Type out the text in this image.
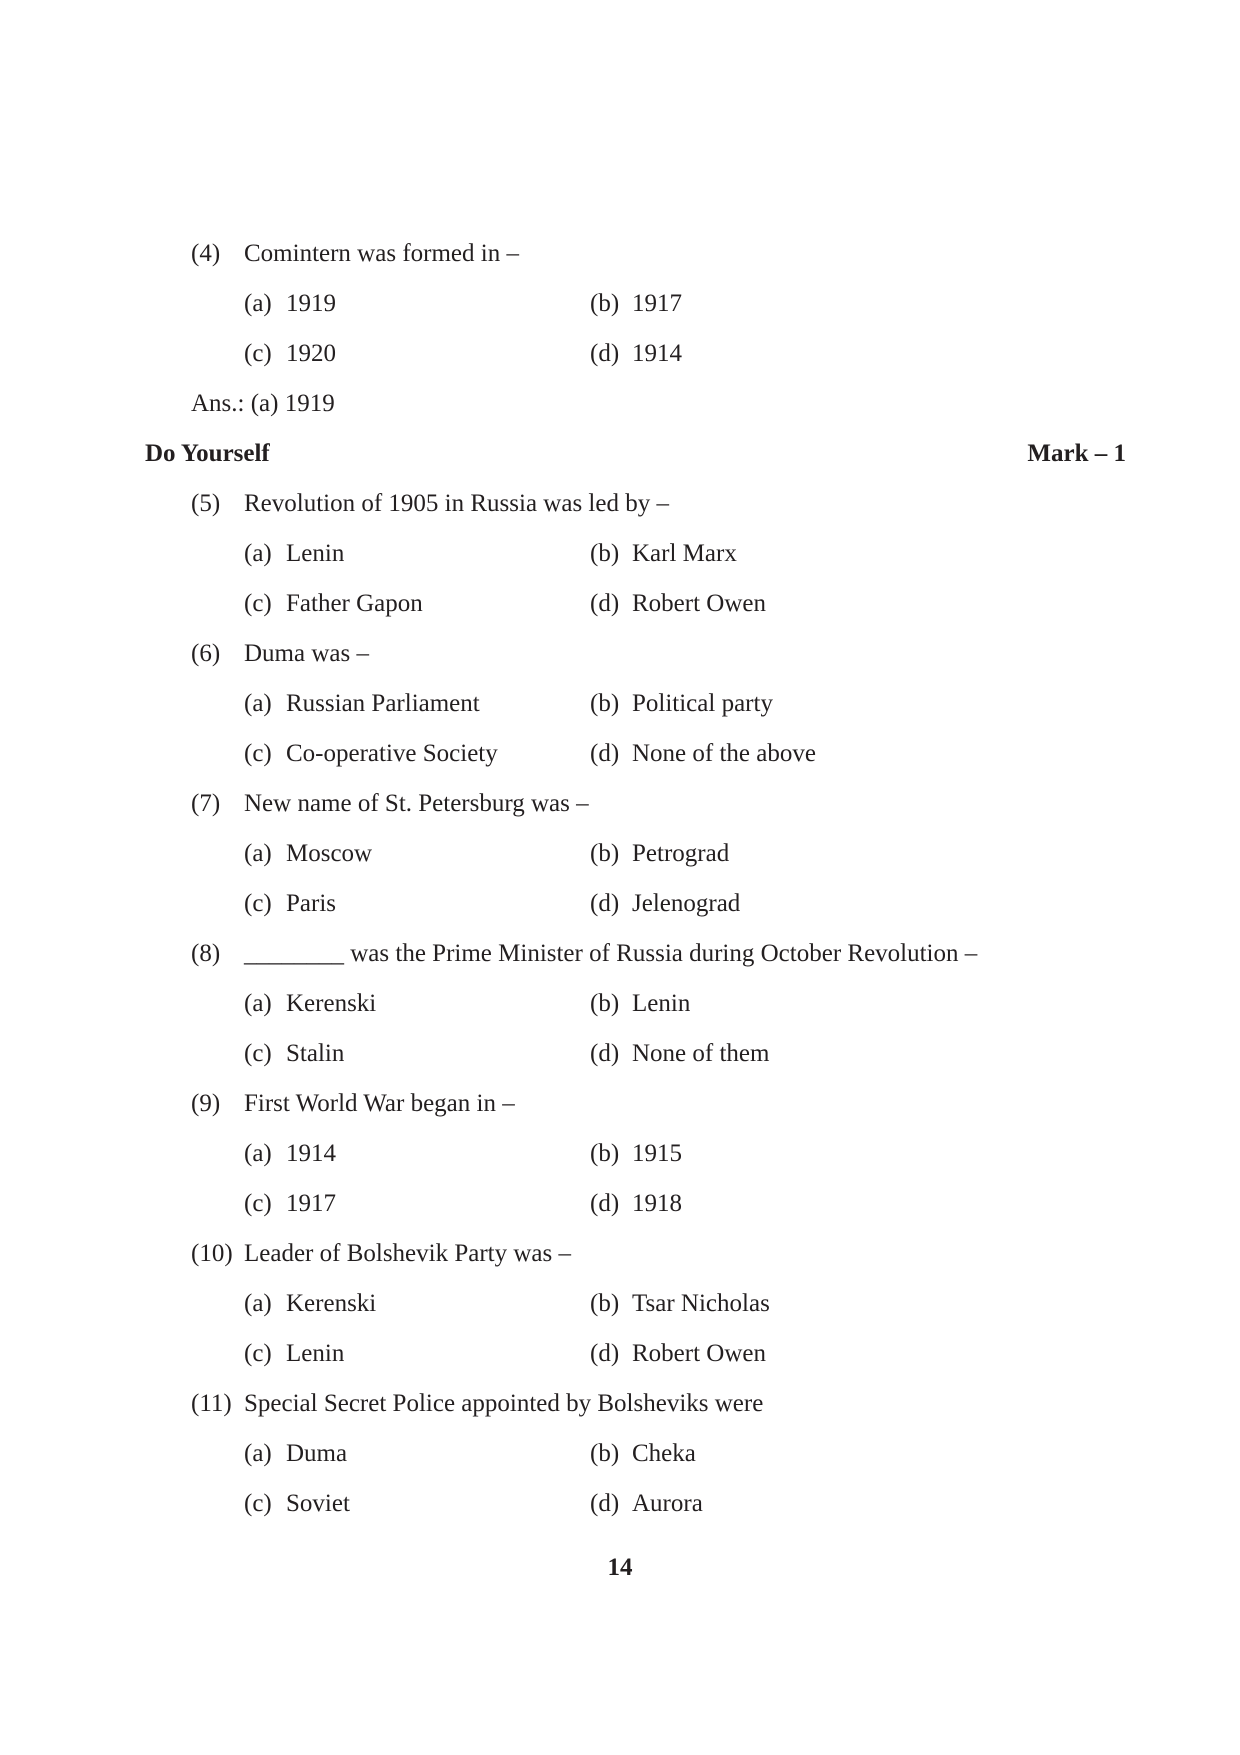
(4) Comintern was formed in –
(a) 1919	(b) 1917
(c) 1920	(d) 1914
Ans.: (a) 1919
Do Yourself	Mark – 1
(5) Revolution of 1905 in Russia was led by –
(a) Lenin	(b) Karl Marx
(c) Father Gapon	(d) Robert Owen
(6) Duma was –
(a) Russian Parliament	(b) Political party
(c) Co-operative Society	(d) None of the above
(7) New name of St. Petersburg was –
(a) Moscow	(b) Petrograd
(c) Paris	(d) Jelenograd
(8) ________ was the Prime Minister of Russia during October Revolution –
(a) Kerenski	(b) Lenin
(c) Stalin	(d) None of them
(9) First World War began in –
(a) 1914	(b) 1915
(c) 1917	(d) 1918
(10) Leader of Bolshevik Party was –
(a) Kerenski	(b) Tsar Nicholas
(c) Lenin	(d) Robert Owen
(11) Special Secret Police appointed by Bolsheviks were
(a) Duma	(b) Cheka
(c) Soviet	(d) Aurora
14
